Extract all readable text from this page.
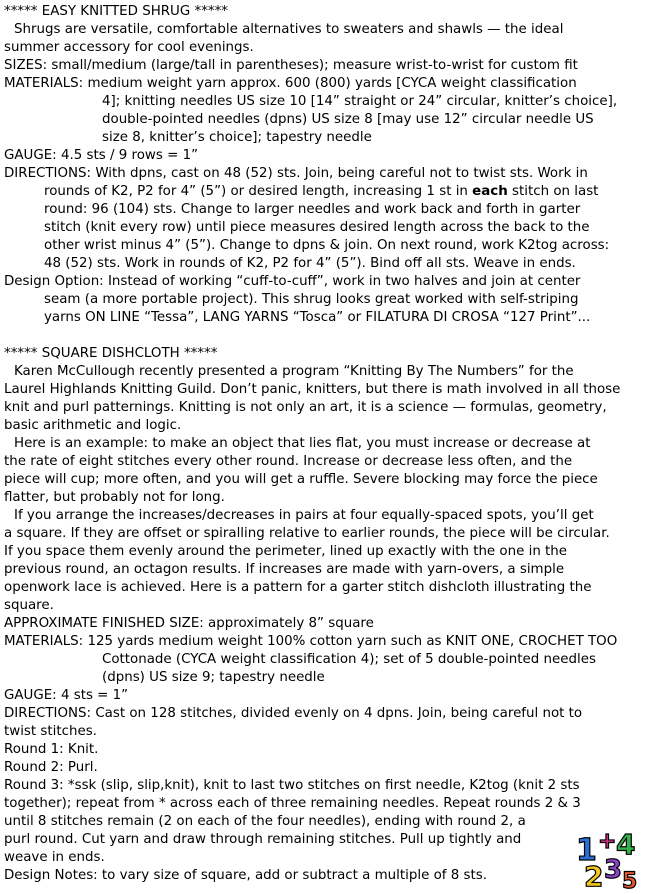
***** EASY KNITTED SHRUG *****
Shrugs are versatile, comfortable alternatives to sweaters and shawls — the ideal
summer accessory for cool evenings.
SIZES: small/medium (large/tall in parentheses); measure wrist-to-wrist for custom fit
MATERIALS: medium weight yarn approx. 600 (800) yards [CYCA weight classification
4]; knitting needles US size 10 [14” straight or 24” circular, knitter’s choice],
double-pointed needles (dpns) US size 8 [may use 12” circular needle US
size 8, knitter’s choice]; tapestry needle
GAUGE: 4.5 sts / 9 rows = 1”
DIRECTIONS: With dpns, cast on 48 (52) sts. Join, being careful not to twist sts. Work in
rounds of K2, P2 for 4” (5”) or desired length, increasing 1 st in each stitch on last
round: 96 (104) sts. Change to larger needles and work back and forth in garter
stitch (knit every row) until piece measures desired length across the back to the
other wrist minus 4” (5”). Change to dpns & join. On next round, work K2tog across:
48 (52) sts. Work in rounds of K2, P2 for 4” (5”). Bind off all sts. Weave in ends.
Design Option: Instead of working “cuff-to-cuff”, work in two halves and join at center
seam (a more portable project). This shrug looks great worked with self-striping
yarns ON LINE “Tessa”, LANG YARNS “Tosca” or FILATURA DI CROSA “127 Print”...
***** SQUARE DISHCLOTH *****
Karen McCullough recently presented a program “Knitting By The Numbers” for the
Laurel Highlands Knitting Guild. Don’t panic, knitters, but there is math involved in all those
knit and purl patternings. Knitting is not only an art, it is a science — formulas, geometry,
basic arithmetic and logic.
Here is an example: to make an object that lies flat, you must increase or decrease at
the rate of eight stitches every other round. Increase or decrease less often, and the
piece will cup; more often, and you will get a ruffle. Severe blocking may force the piece
flatter, but probably not for long.
If you arrange the increases/decreases in pairs at four equally-spaced spots, you’ll get
a square. If they are offset or spiralling relative to earlier rounds, the piece will be circular.
If you space them evenly around the perimeter, lined up exactly with the one in the
previous round, an octagon results. If increases are made with yarn-overs, a simple
openwork lace is achieved. Here is a pattern for a garter stitch dishcloth illustrating the
square.
APPROXIMATE FINISHED SIZE: approximately 8” square
MATERIALS: 125 yards medium weight 100% cotton yarn such as KNIT ONE, CROCHET TOO
Cottonade (CYCA weight classification 4); set of 5 double-pointed needles
(dpns) US size 9; tapestry needle
GAUGE: 4 sts = 1”
DIRECTIONS: Cast on 128 stitches, divided evenly on 4 dpns. Join, being careful not to
twist stitches.
Round 1: Knit.
Round 2: Purl.
Round 3: *ssk (slip, slip,knit), knit to last two stitches on first needle, K2tog (knit 2 sts
together); repeat from * across each of three remaining needles. Repeat rounds 2 & 3
until 8 stitches remain (2 on each of the four needles), ending with round 2, a
purl round. Cut yarn and draw through remaining stitches. Pull up tightly and
weave in ends.
Design Notes: to vary size of square, add or subtract a multiple of 8 sts.
1 + 4
2 3 5
